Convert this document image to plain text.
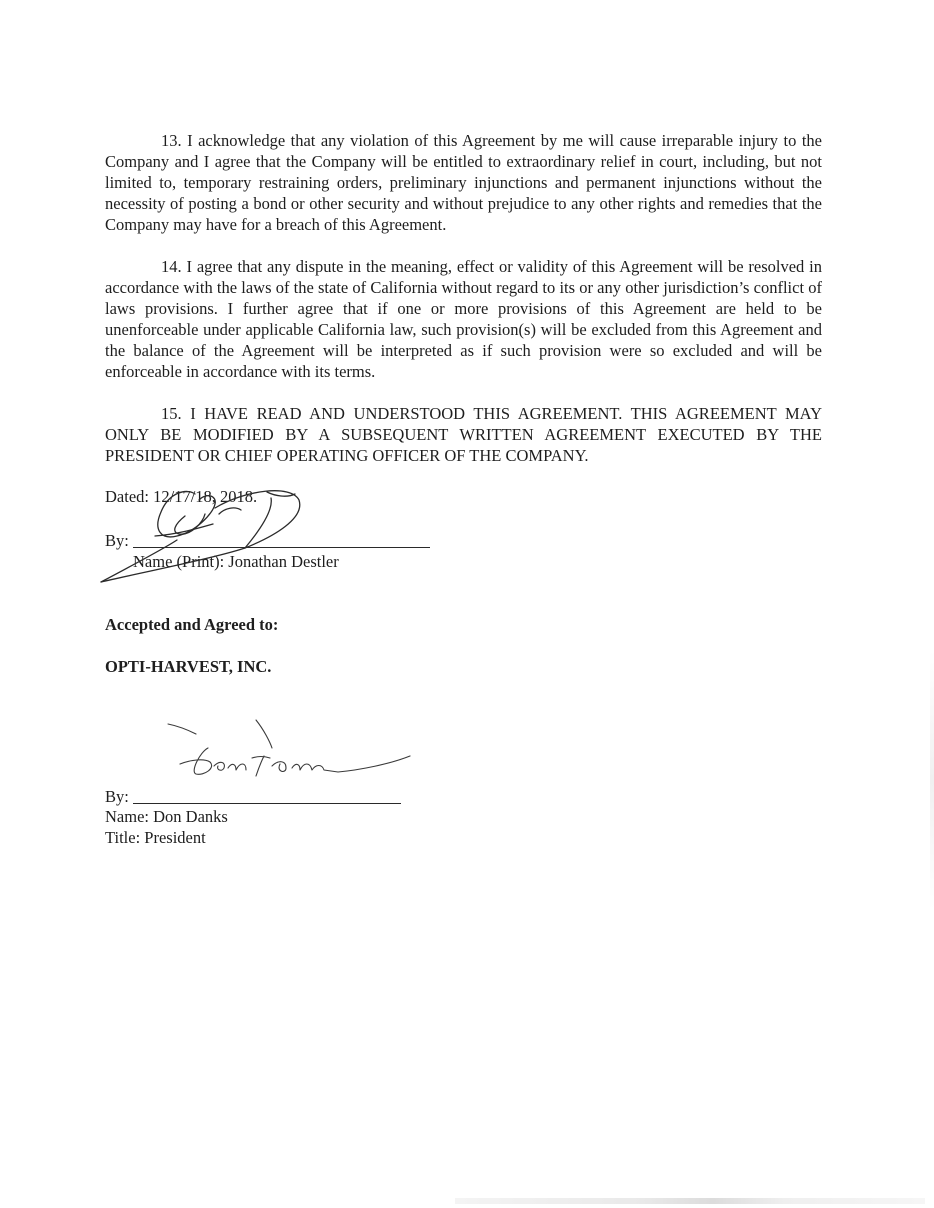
13. I acknowledge that any violation of this Agreement by me will cause irreparable injury to the Company and I agree that the Company will be entitled to extraordinary relief in court, including, but not limited to, temporary restraining orders, preliminary injunctions and permanent injunctions without the necessity of posting a bond or other security and without prejudice to any other rights and remedies that the Company may have for a breach of this Agreement.

14. I agree that any dispute in the meaning, effect or validity of this Agreement will be resolved in accordance with the laws of the state of California without regard to its or any other jurisdiction’s conflict of laws provisions. I further agree that if one or more provisions of this Agreement are held to be unenforceable under applicable California law, such provision(s) will be excluded from this Agreement and the balance of the Agreement will be interpreted as if such provision were so excluded and will be enforceable in accordance with its terms.

15. I HAVE READ AND UNDERSTOOD THIS AGREEMENT. THIS AGREEMENT MAY ONLY BE MODIFIED BY A SUBSEQUENT WRITTEN AGREEMENT EXECUTED BY THE PRESIDENT OR CHIEF OPERATING OFFICER OF THE COMPANY.

Dated: 12/17/18, 2018.
By:
Name (Print): Jonathan Destler
Accepted and Agreed to:
OPTI-HARVEST, INC.
By:
Name: Don Danks
Title: President
